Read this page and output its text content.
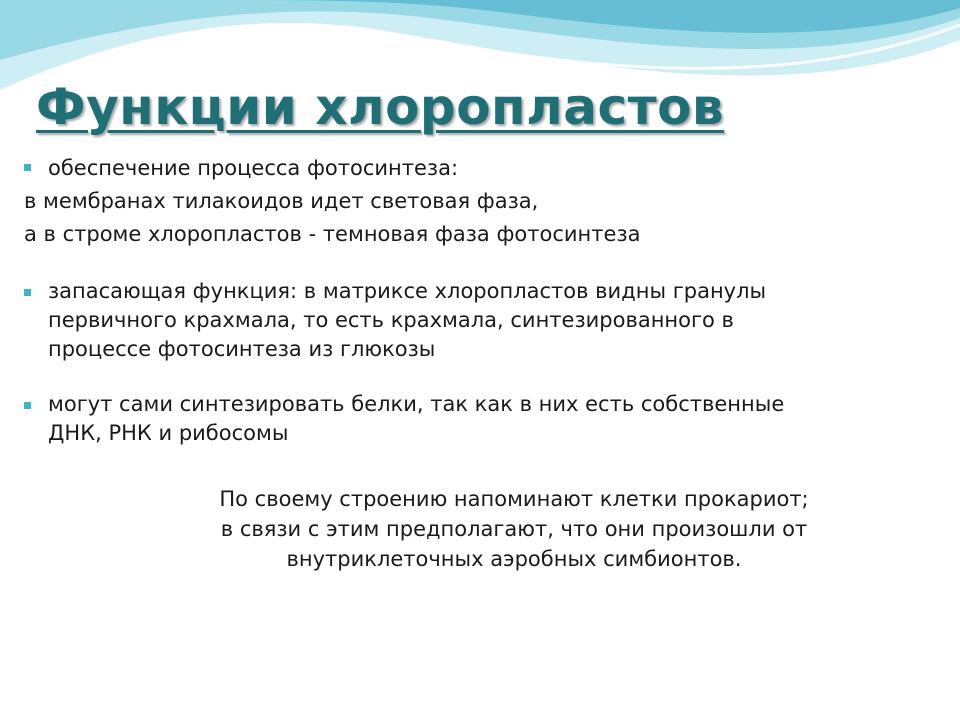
Функции хлоропластов
обеспечение процесса фотосинтеза:
в мембранах тилакоидов идет световая фаза,
а в строме хлоропластов - темновая фаза фотосинтеза
запасающая функция: в матриксе хлоропластов видны гранулы
первичного крахмала, то есть крахмала, синтезированного в
процессе фотосинтеза из глюкозы
могут сами синтезировать белки, так как в них есть собственные
ДНК, РНК и рибосомы
По своему строению напоминают клетки прокариот;
в связи с этим предполагают, что они произошли от
внутриклеточных аэробных симбионтов.
